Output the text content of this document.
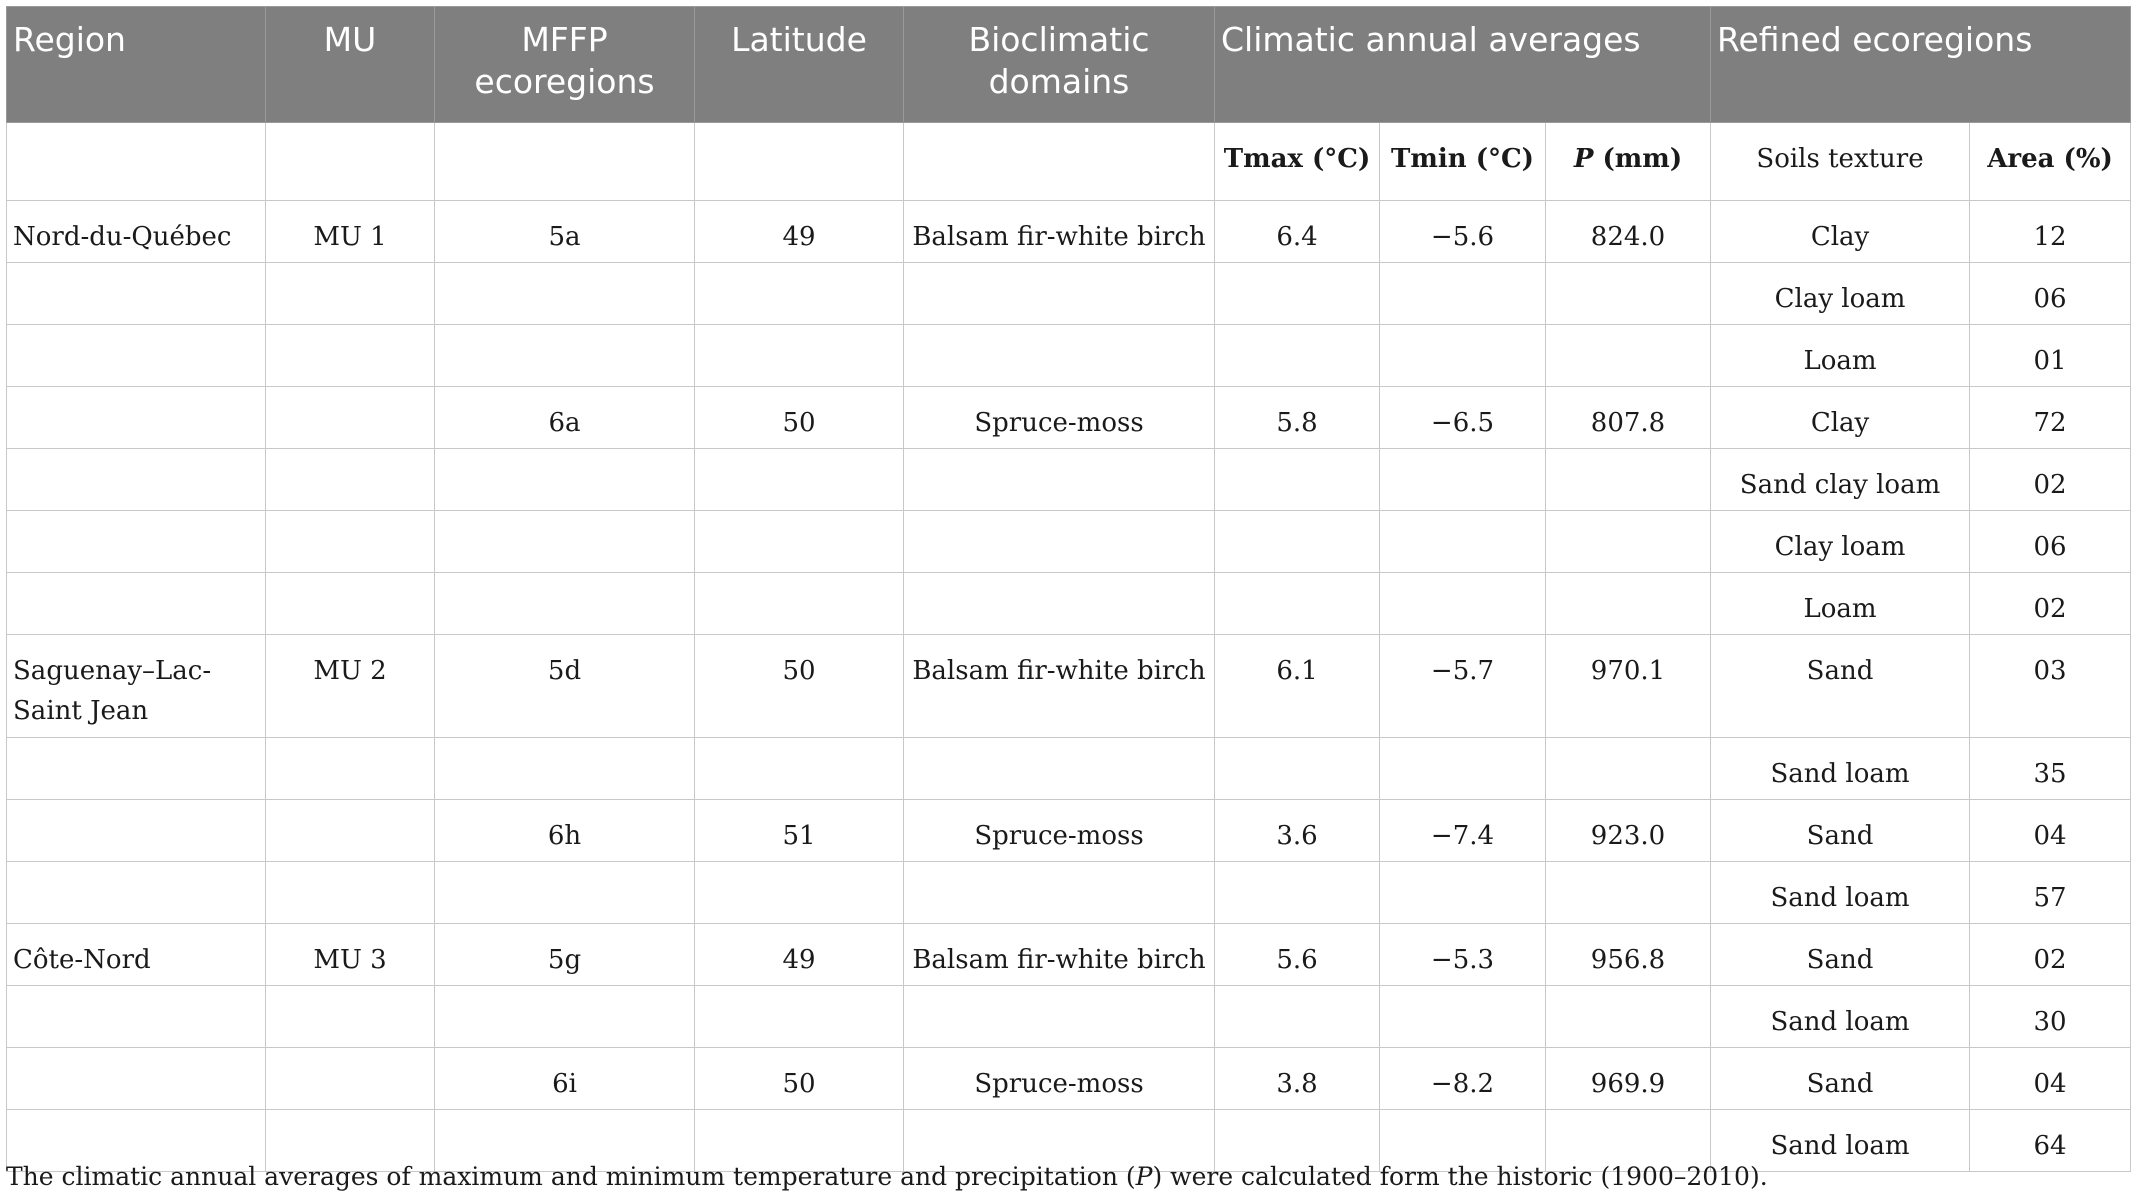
Region	MU	MFFP ecoregions	Latitude	Bioclimatic domains	Climatic annual averages			Refined ecoregions	
					Tmax (°C)	Tmin (°C)	P (mm)	Soils texture	Area (%)
Nord-du-Québec	MU 1	5a	49	Balsam fir-white birch	6.4	−5.6	824.0	Clay	12
								Clay loam	06
								Loam	01
		6a	50	Spruce-moss	5.8	−6.5	807.8	Clay	72
								Sand clay loam	02
								Clay loam	06
								Loam	02
Saguenay–Lac-Saint Jean	MU 2	5d	50	Balsam fir-white birch	6.1	−5.7	970.1	Sand	03
								Sand loam	35
		6h	51	Spruce-moss	3.6	−7.4	923.0	Sand	04
								Sand loam	57
Côte-Nord	MU 3	5g	49	Balsam fir-white birch	5.6	−5.3	956.8	Sand	02
								Sand loam	30
		6i	50	Spruce-moss	3.8	−8.2	969.9	Sand	04
								Sand loam	64
The climatic annual averages of maximum and minimum temperature and precipitation (P) were calculated form the historic (1900–2010).
